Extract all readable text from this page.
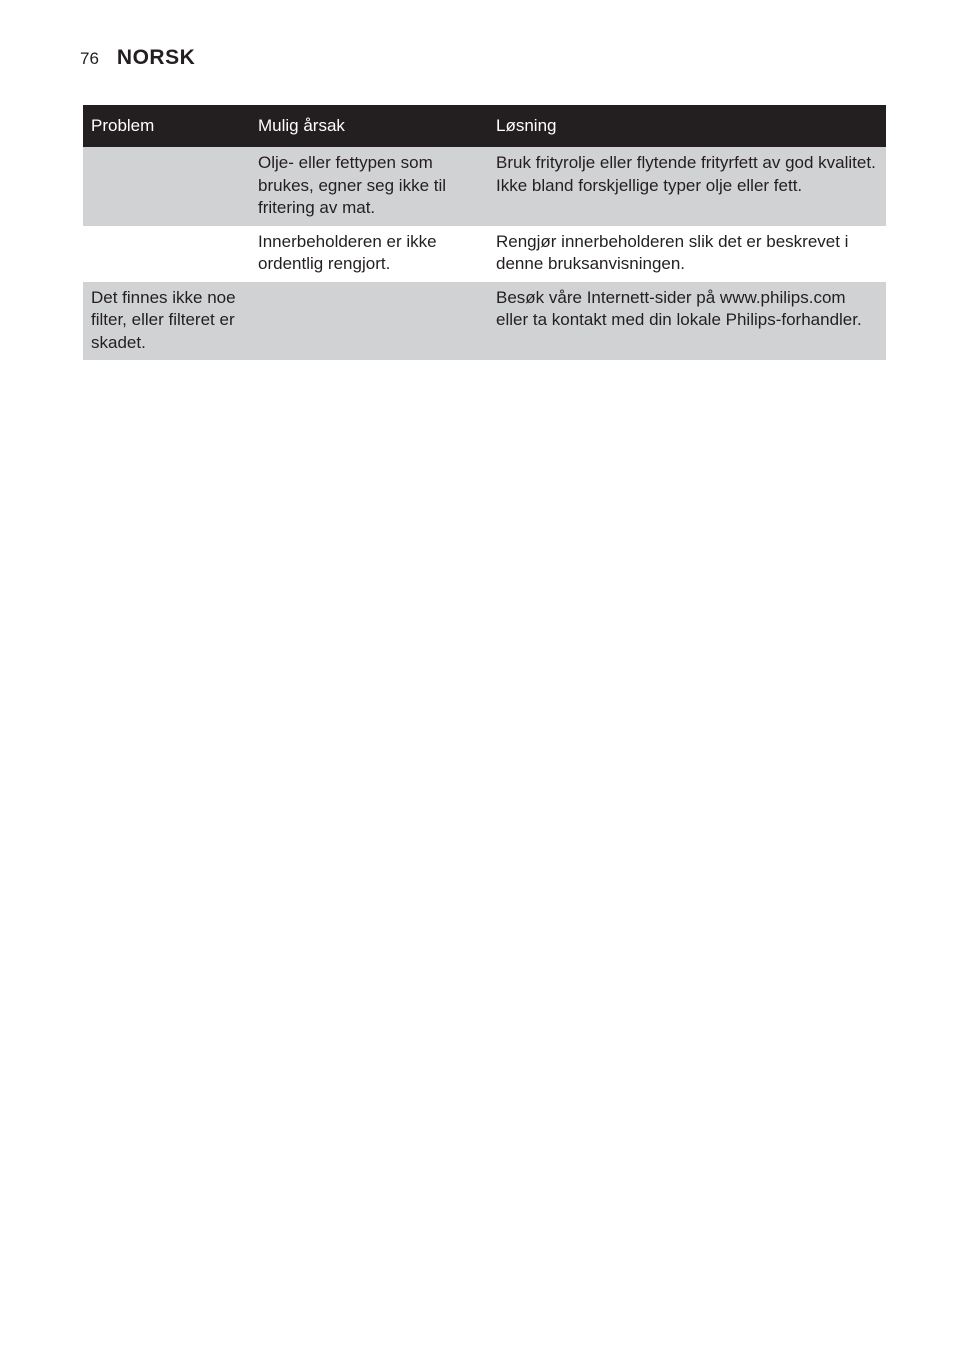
76 NORSK
Problem	Mulig årsak	Løsning
	Olje- eller fettypen som brukes, egner seg ikke til fritering av mat.	Bruk frityrolje eller flytende frityrfett av god kvalitet. Ikke bland forskjellige typer olje eller fett.
	Innerbeholderen er ikke ordentlig rengjort.	Rengjør innerbeholderen slik det er beskrevet i denne bruksanvisningen.
Det finnes ikke noe filter, eller filteret er skadet.		Besøk våre Internett-sider på www.philips.com eller ta kontakt med din lokale Philips-forhandler.
